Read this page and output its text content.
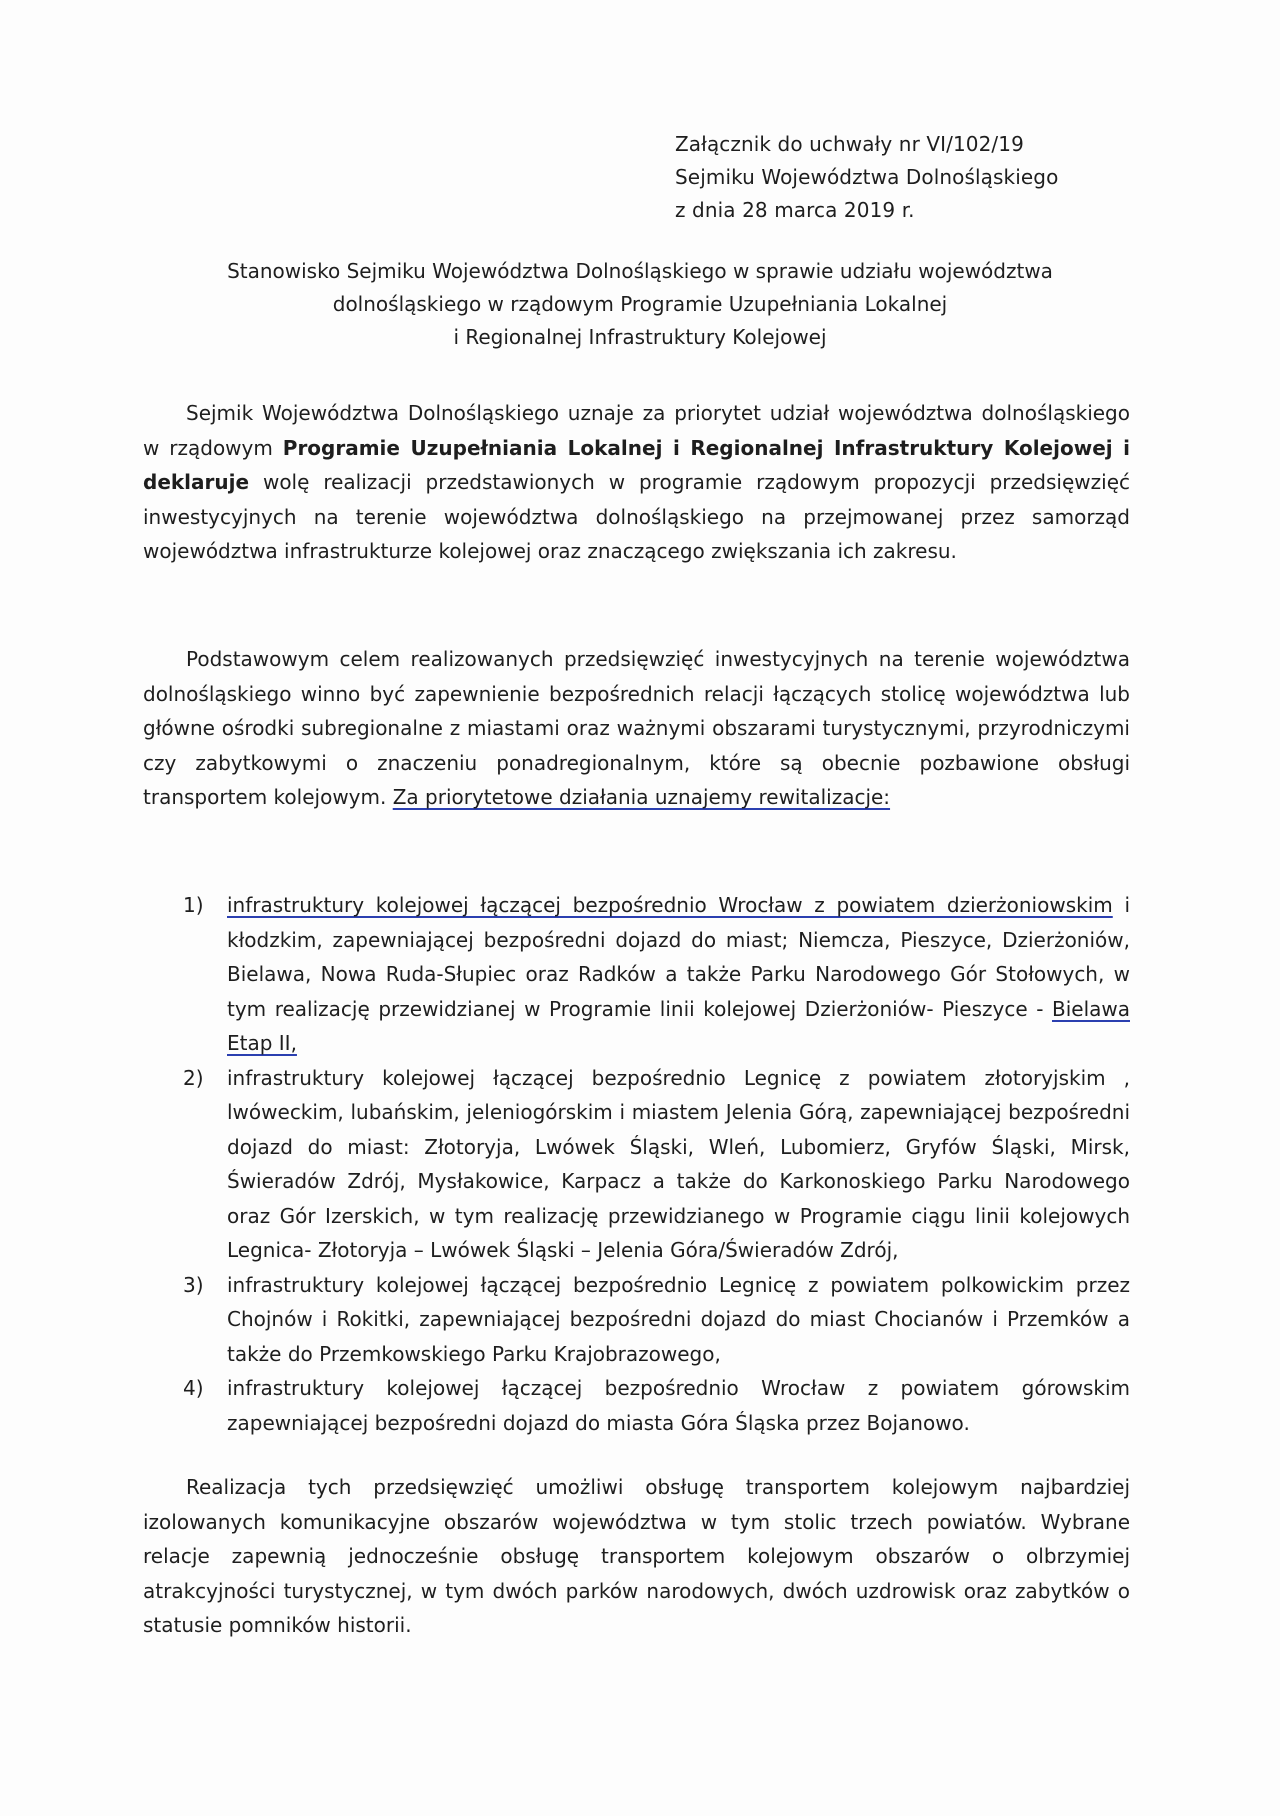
Załącznik do uchwały nr VI/102/19
Sejmiku Województwa Dolnośląskiego
z dnia 28 marca 2019 r.
Stanowisko Sejmiku Województwa Dolnośląskiego w sprawie udziału województwa
dolnośląskiego w rządowym Programie Uzupełniania Lokalnej
i Regionalnej Infrastruktury Kolejowej
Sejmik Województwa Dolnośląskiego uznaje za priorytet udział województwa dolnośląskiego w rządowym Programie Uzupełniania Lokalnej i Regionalnej Infrastruktury Kolejowej i deklaruje wolę realizacji przedstawionych w programie rządowym propozycji przedsięwzięć inwestycyjnych na terenie województwa dolnośląskiego na przejmowanej przez samorząd województwa infrastrukturze kolejowej oraz znaczącego zwiększania ich zakresu.
Podstawowym celem realizowanych przedsięwzięć inwestycyjnych na terenie województwa dolnośląskiego winno być zapewnienie bezpośrednich relacji łączących stolicę województwa lub główne ośrodki subregionalne z miastami oraz ważnymi obszarami turystycznymi, przyrodniczymi czy zabytkowymi o znaczeniu ponadregionalnym, które są obecnie pozbawione obsługi transportem kolejowym. Za priorytetowe działania uznajemy rewitalizacje:
1) infrastruktury kolejowej łączącej bezpośrednio Wrocław z powiatem dzierżoniowskim i kłodzkim, zapewniającej bezpośredni dojazd do miast; Niemcza, Pieszyce, Dzierżoniów, Bielawa, Nowa Ruda-Słupiec oraz Radków a także Parku Narodowego Gór Stołowych, w tym realizację przewidzianej w Programie linii kolejowej Dzierżoniów- Pieszyce - Bielawa Etap II,
2) infrastruktury kolejowej łączącej bezpośrednio Legnicę z powiatem złotoryjskim , lwóweckim, lubańskim, jeleniogórskim i miastem Jelenia Górą, zapewniającej bezpośredni dojazd do miast: Złotoryja, Lwówek Śląski, Wleń, Lubomierz, Gryfów Śląski, Mirsk, Świeradów Zdrój, Mysłakowice, Karpacz a także do Karkonoskiego Parku Narodowego oraz Gór Izerskich, w tym realizację przewidzianego w Programie ciągu linii kolejowych Legnica- Złotoryja – Lwówek Śląski – Jelenia Góra/Świeradów Zdrój,
3) infrastruktury kolejowej łączącej bezpośrednio Legnicę z powiatem polkowickim przez Chojnów i Rokitki, zapewniającej bezpośredni dojazd do miast Chocianów i Przemków a także do Przemkowskiego Parku Krajobrazowego,
4) infrastruktury kolejowej łączącej bezpośrednio Wrocław z powiatem górowskim zapewniającej bezpośredni dojazd do miasta Góra Śląska przez Bojanowo.
Realizacja tych przedsięwzięć umożliwi obsługę transportem kolejowym najbardziej izolowanych komunikacyjne obszarów województwa w tym stolic trzech powiatów. Wybrane relacje zapewnią jednocześnie obsługę transportem kolejowym obszarów o olbrzymiej atrakcyjności turystycznej, w tym dwóch parków narodowych, dwóch uzdrowisk oraz zabytków o statusie pomników historii.
